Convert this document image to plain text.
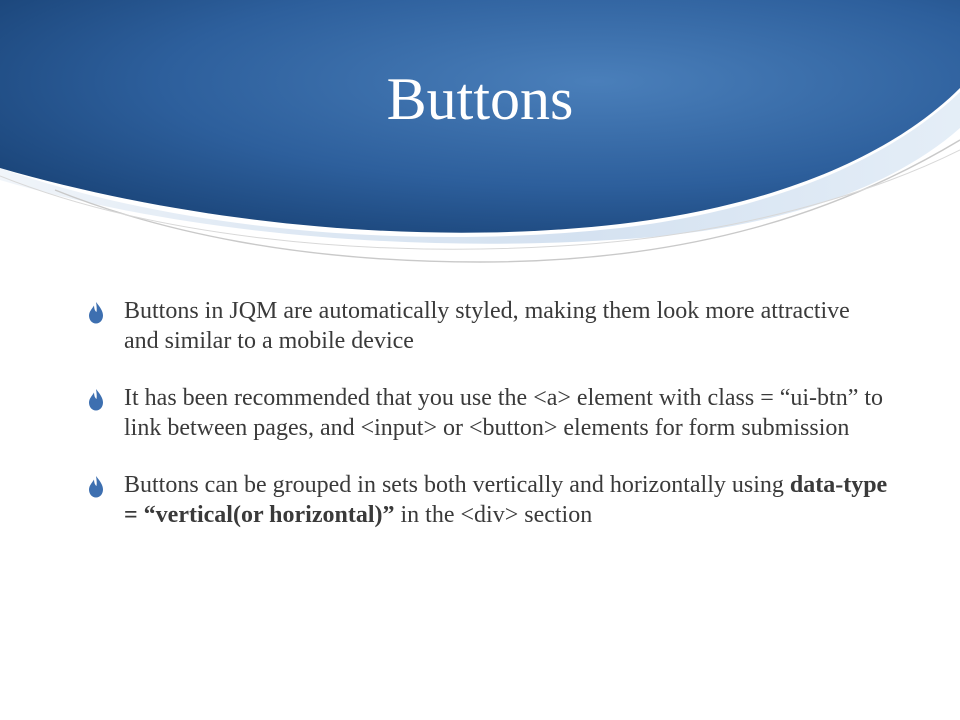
Buttons
Buttons in JQM are automatically styled, making them look more attractive and similar to a mobile device
It has been recommended that you use the <a> element with class = “ui-btn” to link between pages, and <input> or <button> elements for form submission
Buttons can be grouped in sets both vertically and horizontally using data-type = “vertical(or horizontal)” in the <div> section
